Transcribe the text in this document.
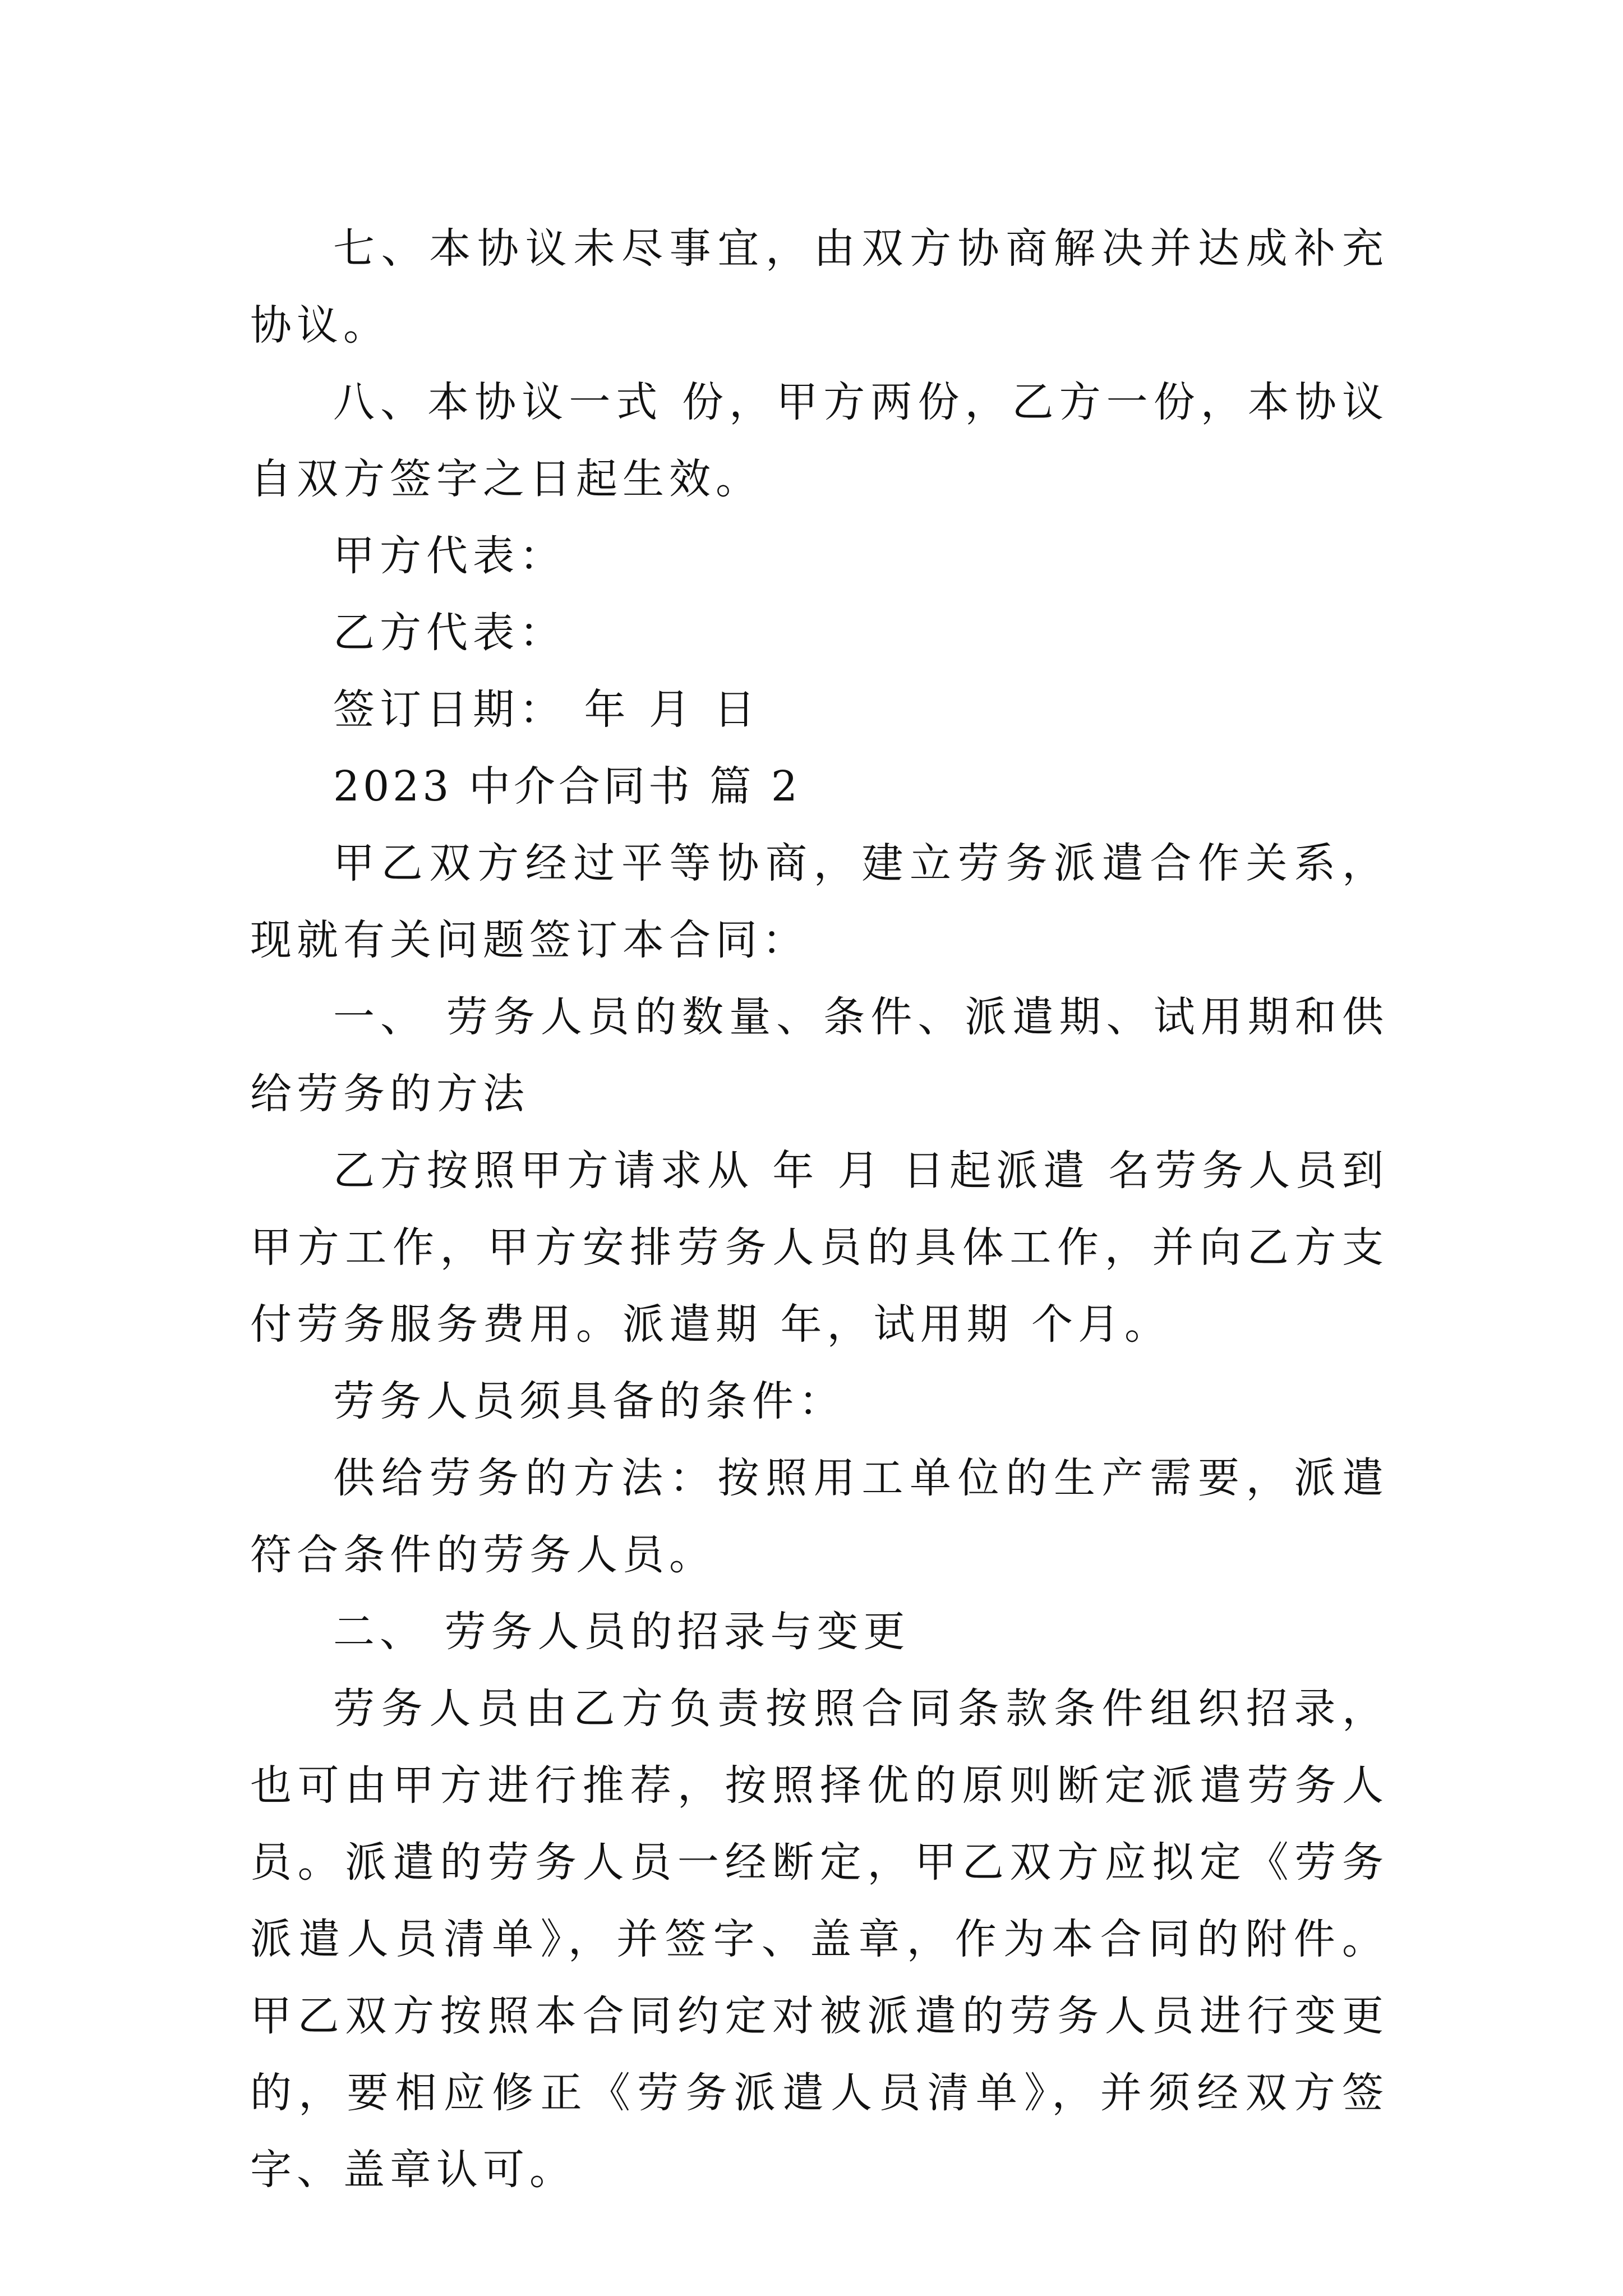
七、本协议未尽事宜，由双方协商解决并达成补充协议。

八、本协议一式 份，甲方两份，乙方一份，本协议自双方签字之日起生效。

甲方代表：

乙方代表：

签订日期： 年 月 日

2023 中介合同书 篇 2

甲乙双方经过平等协商，建立劳务派遣合作关系，现就有关问题签订本合同：

一、 劳务人员的数量、条件、派遣期、试用期和供给劳务的方法

乙方按照甲方请求从 年 月 日起派遣 名劳务人员到甲方工作，甲方安排劳务人员的具体工作，并向乙方支付劳务服务费用。派遣期 年，试用期 个月。

劳务人员须具备的条件：

供给劳务的方法：按照用工单位的生产需要，派遣符合条件的劳务人员。

二、 劳务人员的招录与变更

劳务人员由乙方负责按照合同条款条件组织招录，也可由甲方进行推荐，按照择优的原则断定派遣劳务人员。派遣的劳务人员一经断定，甲乙双方应拟定《劳务派遣人员清单》，并签字、盖章，作为本合同的附件。甲乙双方按照本合同约定对被派遣的劳务人员进行变更的，要相应修正《劳务派遣人员清单》，并须经双方签字、盖章认可。
